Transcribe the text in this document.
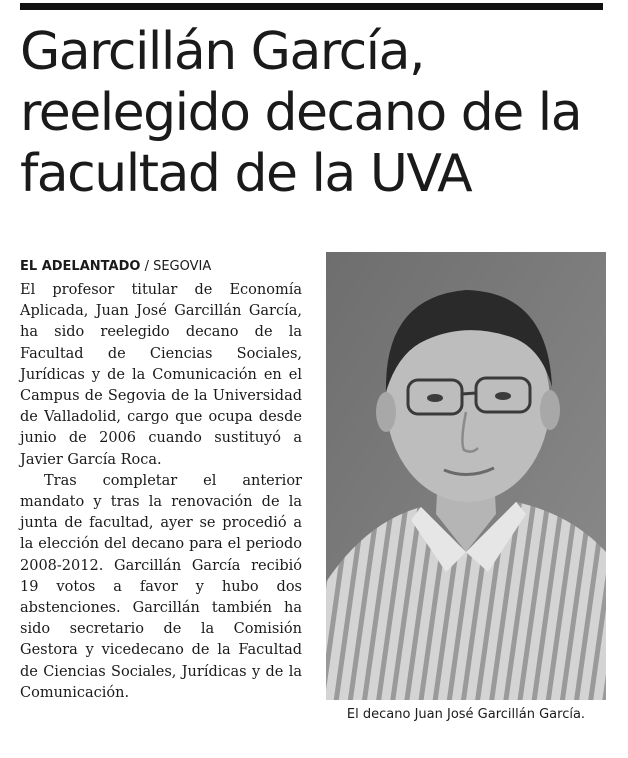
Garcillán García,
reelegido decano de la
facultad de la UVA
EL ADELANTADO / SEGOVIA

El profesor titular de Economía Aplicada, Juan José Garcillán García, ha sido reelegido decano de la Facultad de Ciencias Sociales, Jurídicas y de la Comunicación en el Campus de Segovia de la Universidad de Valladolid, cargo que ocupa desde junio de 2006 cuando sustituyó a Javier García Roca.

Tras completar el anterior mandato y tras la renovación de la junta de facultad, ayer se procedió a la elección del decano para el periodo 2008-2012. Garcillán García recibió 19 votos a favor y hubo dos abstenciones. Garcillán también ha sido secretario de la Comisión Gestora y vicedecano de la Facultad de Ciencias Sociales, Jurídicas y de la Comunicación.

El decano Juan José Garcillán García.
